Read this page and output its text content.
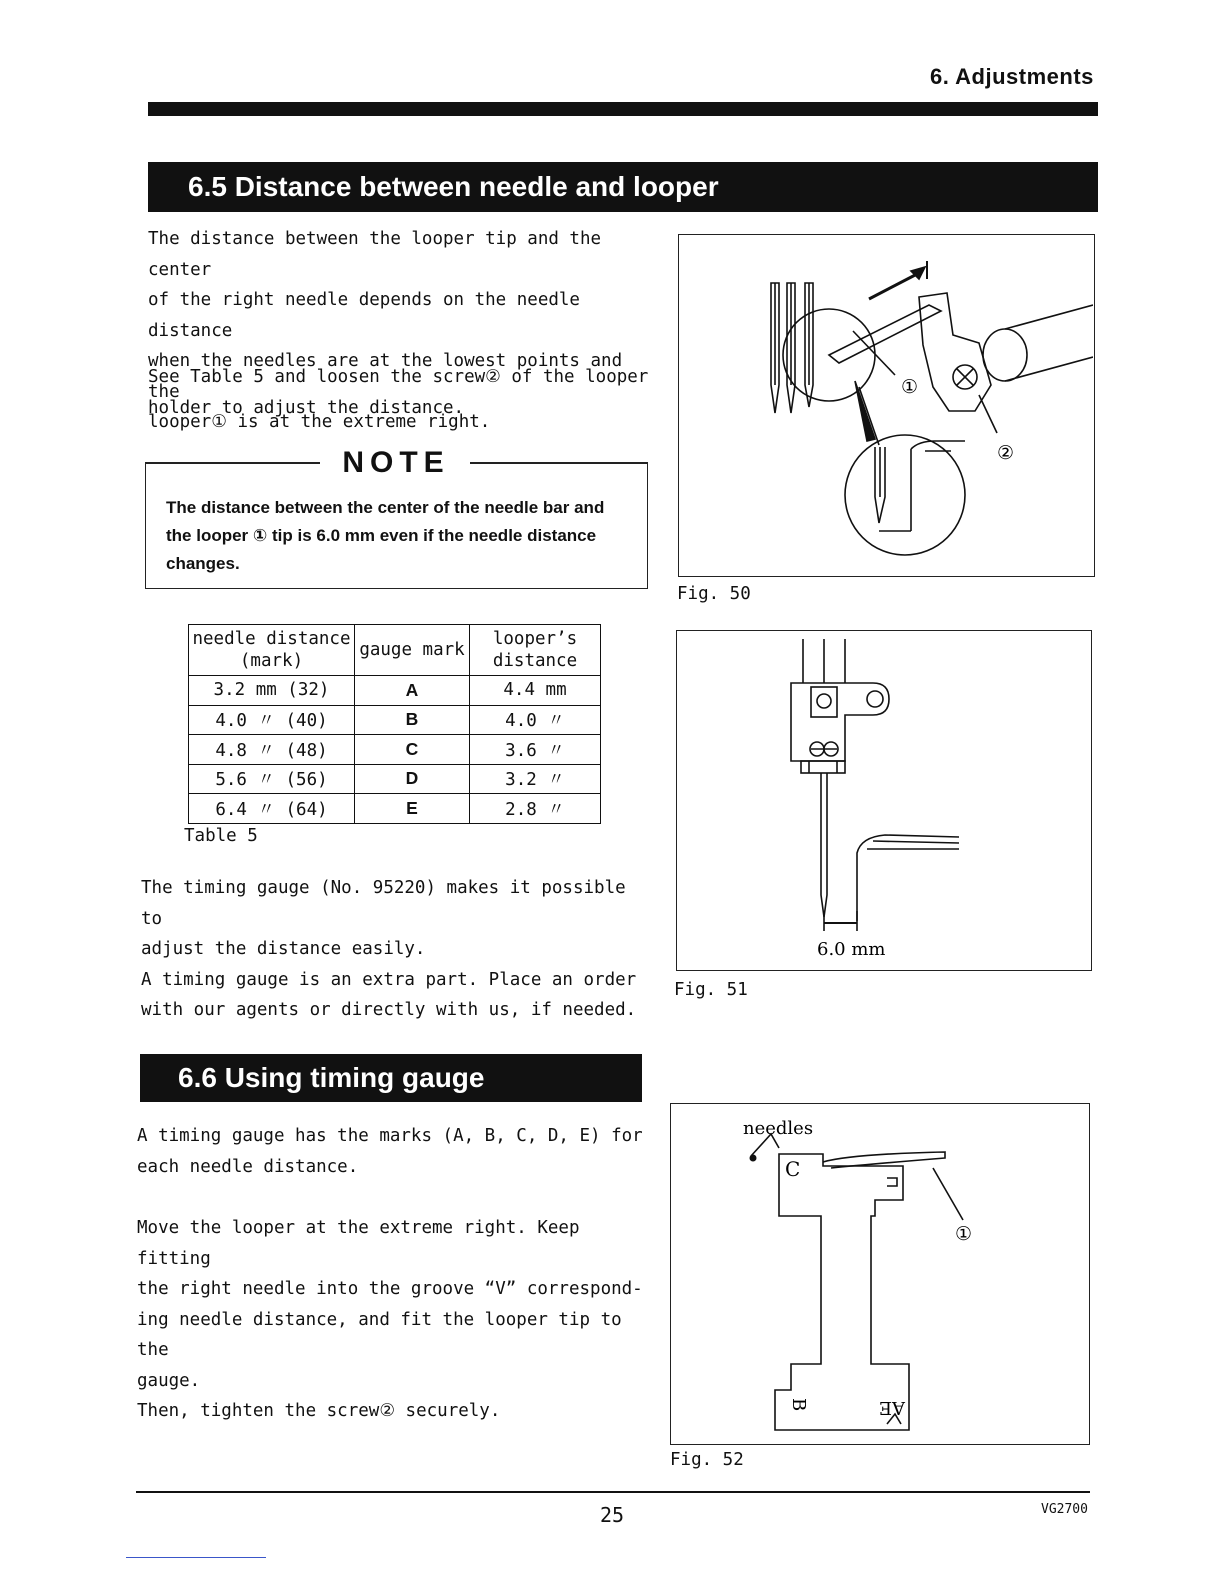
6. Adjustments
6.5 Distance between needle and looper
The distance between the looper tip and the center
of the right needle depends on the needle distance
when the needles are at the lowest points and the
looper① is at the extreme right.
See Table 5 and loosen the screw② of the looper
holder to adjust the distance.
NOTE
The distance between the center of the needle bar and
the looper ① tip is 6.0 mm even if the needle distance
changes.
needle distance
(mark)	gauge mark	looper’s
distance
3.2 mm (32)	A	4.4 mm
4.0 〃 (40)	B	4.0 〃
4.8 〃 (48)	C	3.6 〃
5.6 〃 (56)	D	3.2 〃
6.4 〃 (64)	E	2.8 〃
Table 5
The timing gauge (No. 95220) makes it possible to
adjust the distance easily.
A timing gauge is an extra part. Place an order
with our agents or directly with us, if needed.
①
②
Fig. 50
6.0 mm
Fig. 51
6.6 Using timing gauge
A timing gauge has the marks (A, B, C, D, E) for
each needle distance.
Move the looper at the extreme right. Keep fitting
the right needle into the groove “V” correspond-
ing needle distance, and fit the looper tip to the
gauge.
Then, tighten the screw② securely.
needles
C
B	AE
①
Fig. 52
25	VG2700
